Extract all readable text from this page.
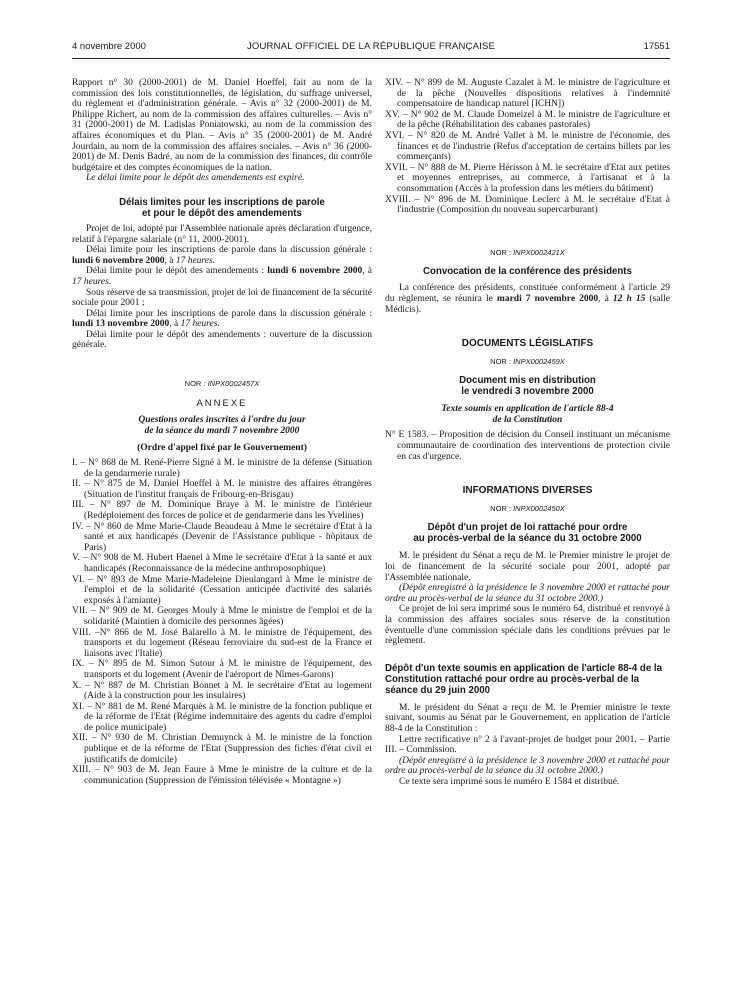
4 novembre 2000	JOURNAL OFFICIEL DE LA RÉPUBLIQUE FRANÇAISE	17551

Rapport n° 30 (2000-2001) de M. Daniel Hoeffel, fait au nom de la commission des lois constitutionnelles, de législation, du suffrage universel, du règlement et d'administration générale. – Avis n° 32 (2000-2001) de M. Philippe Richert, au nom de la commission des affaires culturelles. – Avis n° 31 (2000-2001) de M. Ladislas Poniatowski, au nom de la commission des affaires économiques et du Plan. – Avis n° 35 (2000-2001) de M. André Jourdain, au nom de la commission des affaires sociales. – Avis n° 36 (2000-2001) de M. Denis Badré, au nom de la commission des finances, du contrôle budgétaire et des comptes économiques de la nation.

Le délai limite pour le dépôt des amendements est expiré.

Délais limites pour les inscriptions de parole

et pour le dépôt des amendements

Projet de loi, adopté par l'Assemblée nationale après déclaration d'urgence, relatif à l'épargne salariale (n° 11, 2000-2001).

Délai limite pour les inscriptions de parole dans la discussion générale : lundi 6 novembre 2000, à 17 heures.

Délai limite pour le dépôt des amendements : lundi 6 novembre 2000, à 17 heures.

Sous réserve de sa transmission, projet de loi de financement de la sécurité sociale pour 2001 ;

Délai limite pour les inscriptions de parole dans la discussion générale : lundi 13 novembre 2000, à 17 heures.

Délai limite pour le dépôt des amendements : ouverture de la discussion générale.

NOR : INPX0002457X

ANNEXE

Questions orales inscrites à l'ordre du jour

de la séance du mardi 7 novembre 2000

(Ordre d'appel fixé par le Gouvernement)

I. – N° 868 de M. René-Pierre Signé à M. le ministre de la défense (Situation de la gendarmerie rurale)

II. – N° 875 de M. Daniel Hoeffel à M. le ministre des affaires étrangères (Situation de l'institut français de Fribourg-en-Brisgau)

III. – N° 897 de M. Dominique Braye à M. le ministre de l'intérieur (Redéploiement des forces de police et de gendarmerie dans les Yvelines)

IV. – N° 860 de Mme Marie-Claude Beaudeau à Mme le secrétaire d'Etat à la santé et aux handicapés (Devenir de l'Assistance publique - hôpitaux de Paris)

V. – N° 908 de M. Hubert Haenel à Mme le secrétaire d'Etat à la santé et aux handicapés (Reconnaissance de la médecine anthroposophique)

VI. – N° 893 de Mme Marie-Madeleine Dieulangard à Mme le ministre de l'emploi et de la solidarité (Cessation anticipée d'activité des salariés exposés à l'amiante)

VII. – N° 909 de M. Georges Mouly à Mme le ministre de l'emploi et de la solidarité (Maintien à domicile des personnes âgées)

VIII. –N° 866 de M. José Balarello à M. le ministre de l'équipement, des transports et du logement (Réseau ferroviaire du sud-est de la France et liaisons avec l'Italie)

IX. – N° 895 de M. Simon Sutour à M. le ministre de l'équipement, des transports et du logement (Avenir de l'aéroport de Nîmes-Garons)

X. – N° 887 de M. Christian Bonnet à M. le secrétaire d'Etat au logement (Aide à la construction pour les insulaires)

XI. – N° 881 de M. René Marquès à M. le ministre de la fonction publique et de la réforme de l'Etat (Régime indemnitaire des agents du cadre d'emploi de police municipale)

XII. – N° 930 de M. Christian Demuynck à M. le ministre de la fonction publique et de la réforme de l'Etat (Suppression des fiches d'état civil et justificatifs de domicile)

XIII. – N° 903 de M. Jean Faure à Mme le ministre de la culture et de la communication (Suppression de l'émission télévisée « Montagne »)

XIV. – N° 899 de M. Auguste Cazalet à M. le ministre de l'agriculture et de la pêche (Nouvelles dispositions relatives à l'indemnité compensatoire de handicap naturel [ICHN])

XV. – N° 902 de M. Claude Domeizel à M. le ministre de l'agriculture et de la pêche (Réhabilitation des cabanes pastorales)

XVI. – N° 820 de M. André Vallet à M. le ministre de l'économie, des finances et de l'industrie (Refus d'acceptation de certains billets par les commerçants)

XVII. – N° 888 de M. Pierre Hérisson à M. le secrétaire d'Etat aux petites et moyennes entreprises, au commerce, à l'artisanat et à la consommation (Accès à la profession dans les métiers du bâtiment)

XVIII. – N° 896 de M. Dominique Leclerc à M. le secrétaire d'Etat à l'industrie (Composition du nouveau supercarburant)

NOR : INPX0002421X

Convocation de la conférence des présidents

La conférence des présidents, constituée conformément à l'article 29 du règlement, se réunira le mardi 7 novembre 2000, à 12 h 15 (salle Médicis).

DOCUMENTS LÉGISLATIFS

NOR : INPX0002459X

Document mis en distribution

le vendredi 3 novembre 2000

Texte soumis en application de l'article 88-4

de la Constitution

N° E 1583. – Proposition de décision du Conseil instituant un mécanisme communautaire de coordination des interventions de protection civile en cas d'urgence.

INFORMATIONS DIVERSES

NOR : INPX0002450X

Dépôt d'un projet de loi rattaché pour ordre

au procès-verbal de la séance du 31 octobre 2000

M. le président du Sénat a reçu de M. le Premier ministre le projet de loi de financement de la sécurité sociale pour 2001, adopté par l'Assemblée nationale.

(Dépôt enregistré à la présidence le 3 novembre 2000 et rattaché pour ordre au procès-verbal de la séance du 31 octobre 2000.)

Ce projet de loi sera imprimé sous le numéro 64, distribué et renvoyé à la commission des affaires sociales sous réserve de la constitution éventuelle d'une commission spéciale dans les conditions prévues par le règlement.

Dépôt d'un texte soumis en application de l'article 88-4 de la Constitution rattaché pour ordre au procès-verbal de la séance du 29 juin 2000

M. le président du Sénat a reçu de M. le Premier ministre le texte suivant, soumis au Sénat par le Gouvernement, en application de l'article 88-4 de la Constitution :

Lettre rectificative n° 2 à l'avant-projet de budget pour 2001. – Partie III. – Commission.

(Dépôt enregistré à la présidence le 3 novembre 2000 et rattaché pour ordre au procès-verbal de la séance du 31 octobre 2000.)

Ce texte sera imprimé sous le numéro E 1584 et distribué.
